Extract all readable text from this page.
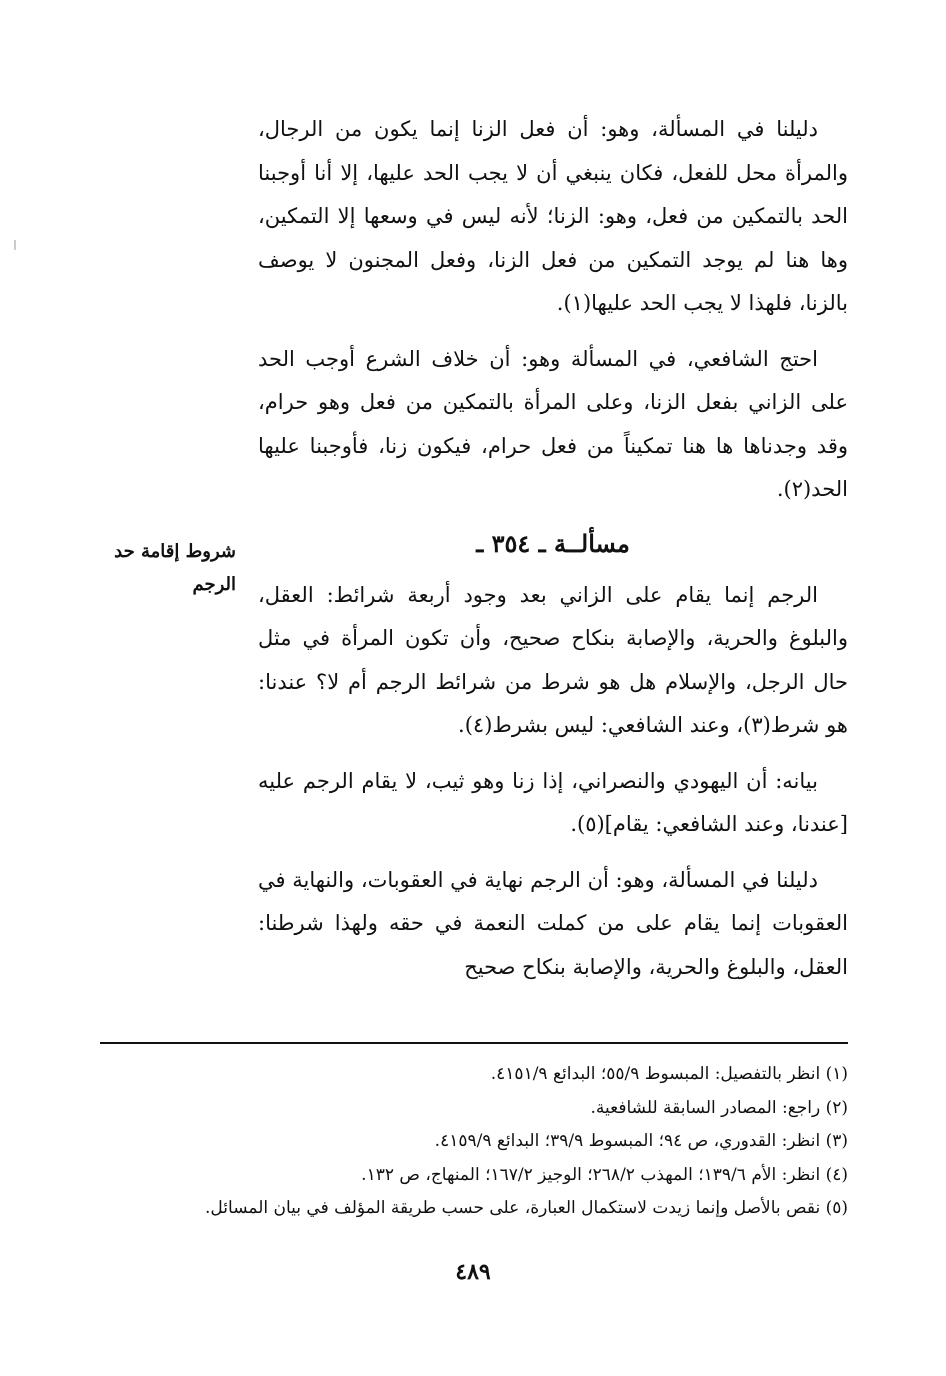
دليلنا في المسألة، وهو: أن فعل الزنا إنما يكون من الرجال، والمرأة محل للفعل، فكان ينبغي أن لا يجب الحد عليها، إلا أنا أوجبنا الحد بالتمكين من فعل، وهو: الزنا؛ لأنه ليس في وسعها إلا التمكين، وها هنا لم يوجد التمكين من فعل الزنا، وفعل المجنون لا يوصف بالزنا، فلهذا لا يجب الحد عليها(١).

احتج الشافعي، في المسألة وهو: أن خلاف الشرع أوجب الحد على الزاني بفعل الزنا، وعلى المرأة بالتمكين من فعل وهو حرام، وقد وجدناها ها هنا تمكيناً من فعل حرام، فيكون زنا، فأوجبنا عليها الحد(٢).

مسألــة ـ ٣٥٤ ـ

الرجم إنما يقام على الزاني بعد وجود أربعة شرائط: العقل، والبلوغ والحرية، والإصابة بنكاح صحيح، وأن تكون المرأة في مثل حال الرجل، والإسلام هل هو شرط من شرائط الرجم أم لا؟ عندنا: هو شرط(٣)، وعند الشافعي: ليس بشرط(٤).

بيانه: أن اليهودي والنصراني، إذا زنا وهو ثيب، لا يقام الرجم عليه [عندنا، وعند الشافعي: يقام](٥).

دليلنا في المسألة، وهو: أن الرجم نهاية في العقوبات، والنهاية في العقوبات إنما يقام على من كملت النعمة في حقه ولهذا شرطنا: العقل، والبلوغ والحرية، والإصابة بنكاح صحيح

شروط إقامة حد
الرجم

(١) انظر بالتفصيل: المبسوط ٥٥/٩؛ البدائع ٤١٥١/٩.

(٢) راجع: المصادر السابقة للشافعية.

(٣) انظر: القدوري، ص ٩٤؛ المبسوط ٣٩/٩؛ البدائع ٤١٥٩/٩.

(٤) انظر: الأم ١٣٩/٦؛ المهذب ٢٦٨/٢؛ الوجيز ١٦٧/٢؛ المنهاج، ص ١٣٢.

(٥) نقص بالأصل وإنما زيدت لاستكمال العبارة، على حسب طريقة المؤلف في بيان المسائل.

٤٨٩
